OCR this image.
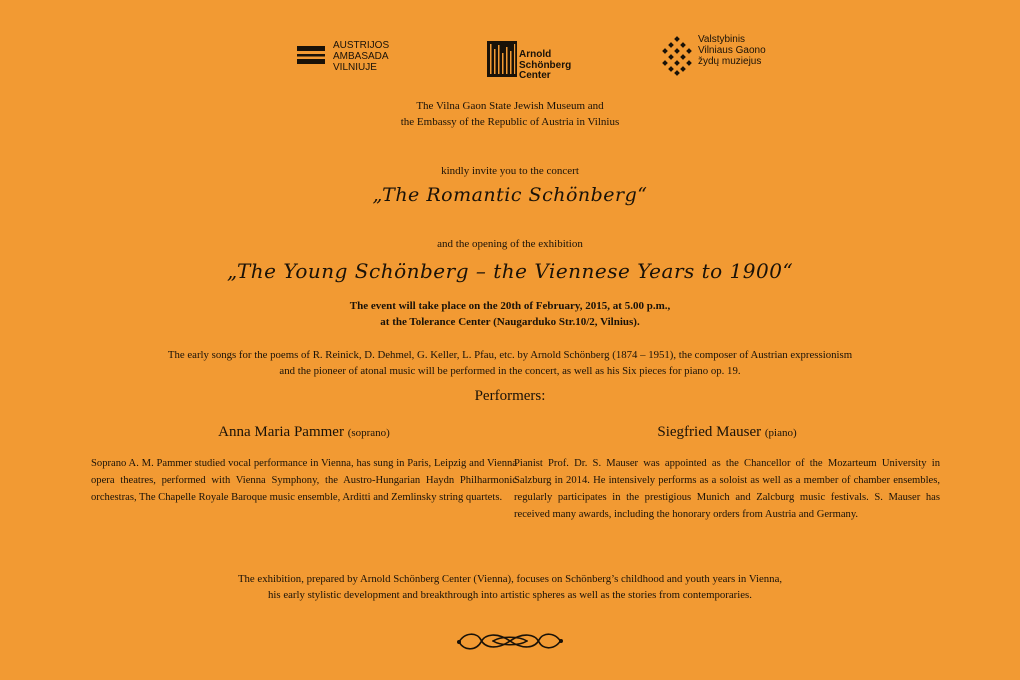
AUSTRIJOS
AMBASADA
VILNIUJE
Arnold
Schönberg
Center
Valstybinis
Vilniaus Gaono
žydų muziejus
The Vilna Gaon State Jewish Museum and
the Embassy of the Republic of Austria in Vilnius
kindly invite you to the concert
„The Romantic Schönberg“
and the opening of the exhibition
„The Young Schönberg – the Viennese Years to 1900“
The event will take place on the 20th of February, 2015, at 5.00 p.m.,
at the Tolerance Center (Naugarduko Str.10/2, Vilnius).
The early songs for the poems of R. Reinick, D. Dehmel, G. Keller, L. Pfau, etc. by Arnold Schönberg (1874 – 1951), the composer of Austrian expressionism
and the pioneer of atonal music will be performed in the concert, as well as his Six pieces for piano op. 19.
Performers:
Anna Maria Pammer (soprano)
Soprano A. M. Pammer studied vocal performance in Vienna, has sung in Paris, Leipzig and Vienna opera theatres, performed with Vienna Symphony, the Austro-Hungarian Haydn Philharmonic orchestras, The Chapelle Royale Baroque music ensemble, Arditti and Zemlinsky string quartets.
Siegfried Mauser (piano)
Pianist Prof. Dr. S. Mauser was appointed as the Chancellor of the Mozarteum University in Salzburg in 2014. He intensively performs as a soloist as well as a member of chamber ensembles, regularly participates in the prestigious Munich and Zalcburg music festivals. S. Mauser has received many awards, including the honorary orders from Austria and Germany.
The exhibition, prepared by Arnold Schönberg Center (Vienna), focuses on Schönberg’s childhood and youth years in Vienna,
his early stylistic development and breakthrough into artistic spheres as well as the stories from contemporaries.
